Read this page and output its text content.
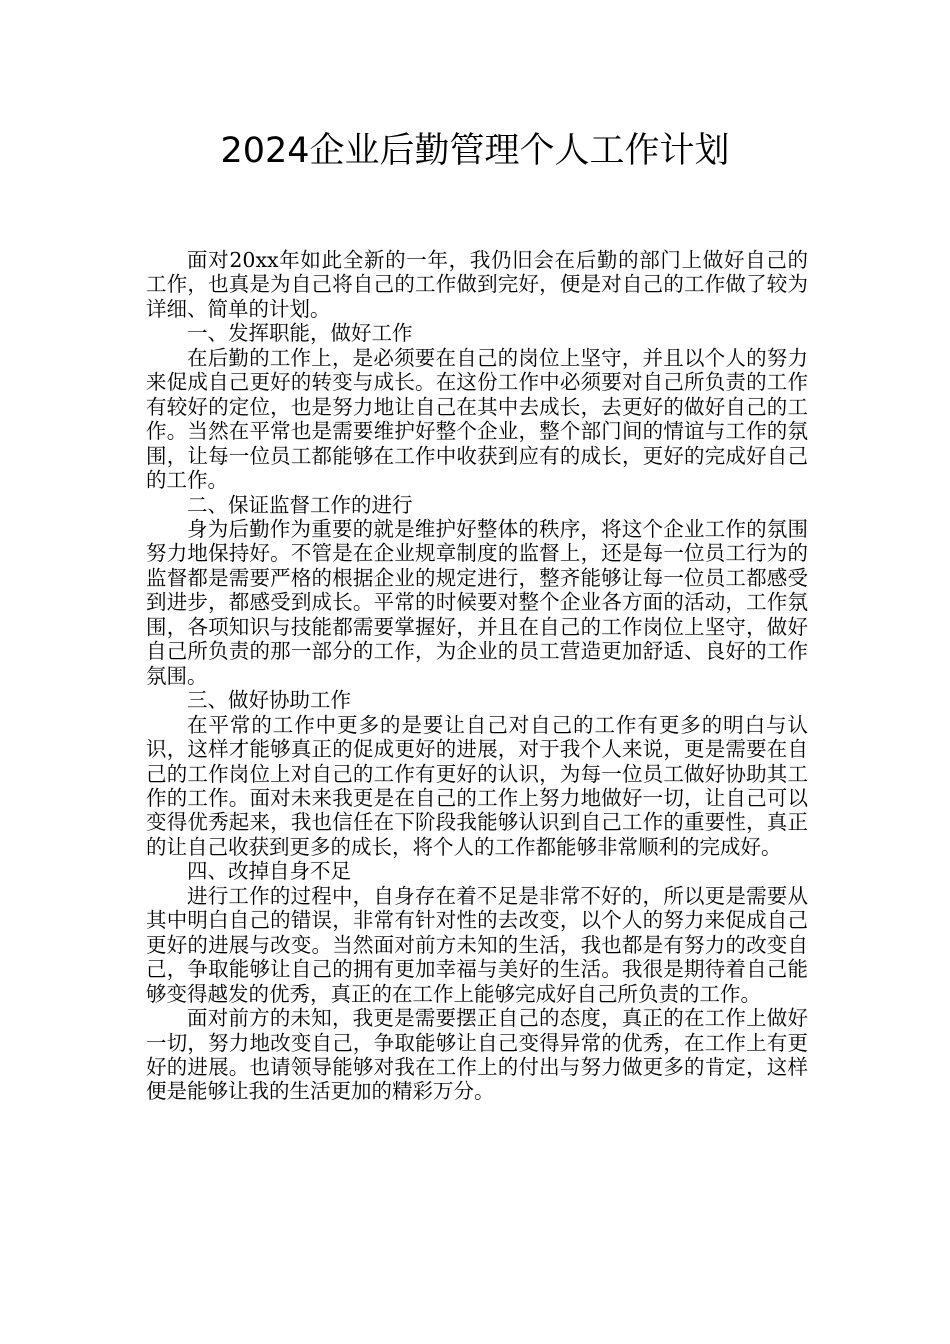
2024企业后勤管理个人工作计划

面对20xx年如此全新的一年，我仍旧会在后勤的部门上做好自己的工作，也真是为自己将自己的工作做到完好，便是对自己的工作做了较为详细、简单的计划。

一、发挥职能，做好工作

在后勤的工作上，是必须要在自己的岗位上坚守，并且以个人的努力来促成自己更好的转变与成长。在这份工作中必须要对自己所负责的工作有较好的定位，也是努力地让自己在其中去成长，去更好的做好自己的工作。当然在平常也是需要维护好整个企业，整个部门间的情谊与工作的氛围，让每一位员工都能够在工作中收获到应有的成长，更好的完成好自己的工作。

二、保证监督工作的进行

身为后勤作为重要的就是维护好整体的秩序，将这个企业工作的氛围努力地保持好。不管是在企业规章制度的监督上，还是每一位员工行为的监督都是需要严格的根据企业的规定进行，整齐能够让每一位员工都感受到进步，都感受到成长。平常的时候要对整个企业各方面的活动，工作氛围，各项知识与技能都需要掌握好，并且在自己的工作岗位上坚守，做好自己所负责的那一部分的工作，为企业的员工营造更加舒适、良好的工作氛围。

三、做好协助工作

在平常的工作中更多的是要让自己对自己的工作有更多的明白与认识，这样才能够真正的促成更好的进展，对于我个人来说，更是需要在自己的工作岗位上对自己的工作有更好的认识，为每一位员工做好协助其工作的工作。面对未来我更是在自己的工作上努力地做好一切，让自己可以变得优秀起来，我也信任在下阶段我能够认识到自己工作的重要性，真正的让自己收获到更多的成长，将个人的工作都能够非常顺利的完成好。

四、改掉自身不足

进行工作的过程中，自身存在着不足是非常不好的，所以更是需要从其中明白自己的错误，非常有针对性的去改变，以个人的努力来促成自己更好的进展与改变。当然面对前方未知的生活，我也都是有努力的改变自己，争取能够让自己的拥有更加幸福与美好的生活。我很是期待着自己能够变得越发的优秀，真正的在工作上能够完成好自己所负责的工作。

面对前方的未知，我更是需要摆正自己的态度，真正的在工作上做好一切，努力地改变自己，争取能够让自己变得异常的优秀，在工作上有更好的进展。也请领导能够对我在工作上的付出与努力做更多的肯定，这样便是能够让我的生活更加的精彩万分。
